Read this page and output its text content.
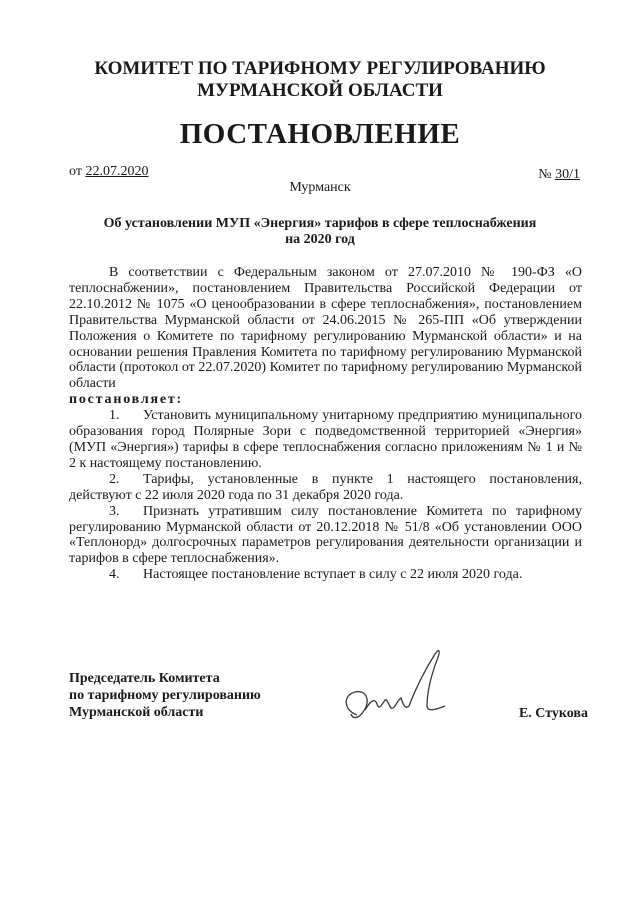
КОМИТЕТ ПО ТАРИФНОМУ РЕГУЛИРОВАНИЮ
МУРМАНСКОЙ ОБЛАСТИ
ПОСТАНОВЛЕНИЕ
от 22.07.2020	№ 30/1
Мурманск
Об установлении МУП «Энергия» тарифов в сфере теплоснабжения
на 2020 год

В соответствии с Федеральным законом от 27.07.2010 № 190-ФЗ «О теплоснабжении», постановлением Правительства Российской Федерации от 22.10.2012 № 1075 «О ценообразовании в сфере теплоснабжения», постановлением Правительства Мурманской области от 24.06.2015 № 265-ПП «Об утверждении Положения о Комитете по тарифному регулированию Мурманской области» и на основании решения Правления Комитета по тарифному регулированию Мурманской области (протокол от 22.07.2020) Комитет по тарифному регулированию Мурманской области

постановляет:

1. Установить муниципальному унитарному предприятию муниципального образования город Полярные Зори с подведомственной территорией «Энергия» (МУП «Энергия») тарифы в сфере теплоснабжения согласно приложениям № 1 и № 2 к настоящему постановлению.

2. Тарифы, установленные в пункте 1 настоящего постановления, действуют с 22 июля 2020 года по 31 декабря 2020 года.

3. Признать утратившим силу постановление Комитета по тарифному регулированию Мурманской области от 20.12.2018 № 51/8 «Об установлении ООО «Теплонорд» долгосрочных параметров регулирования деятельности организации и тарифов в сфере теплоснабжения».

4. Настоящее постановление вступает в силу с 22 июля 2020 года.

Председатель Комитета
по тарифному регулированию
Мурманской области	Е. Стукова
